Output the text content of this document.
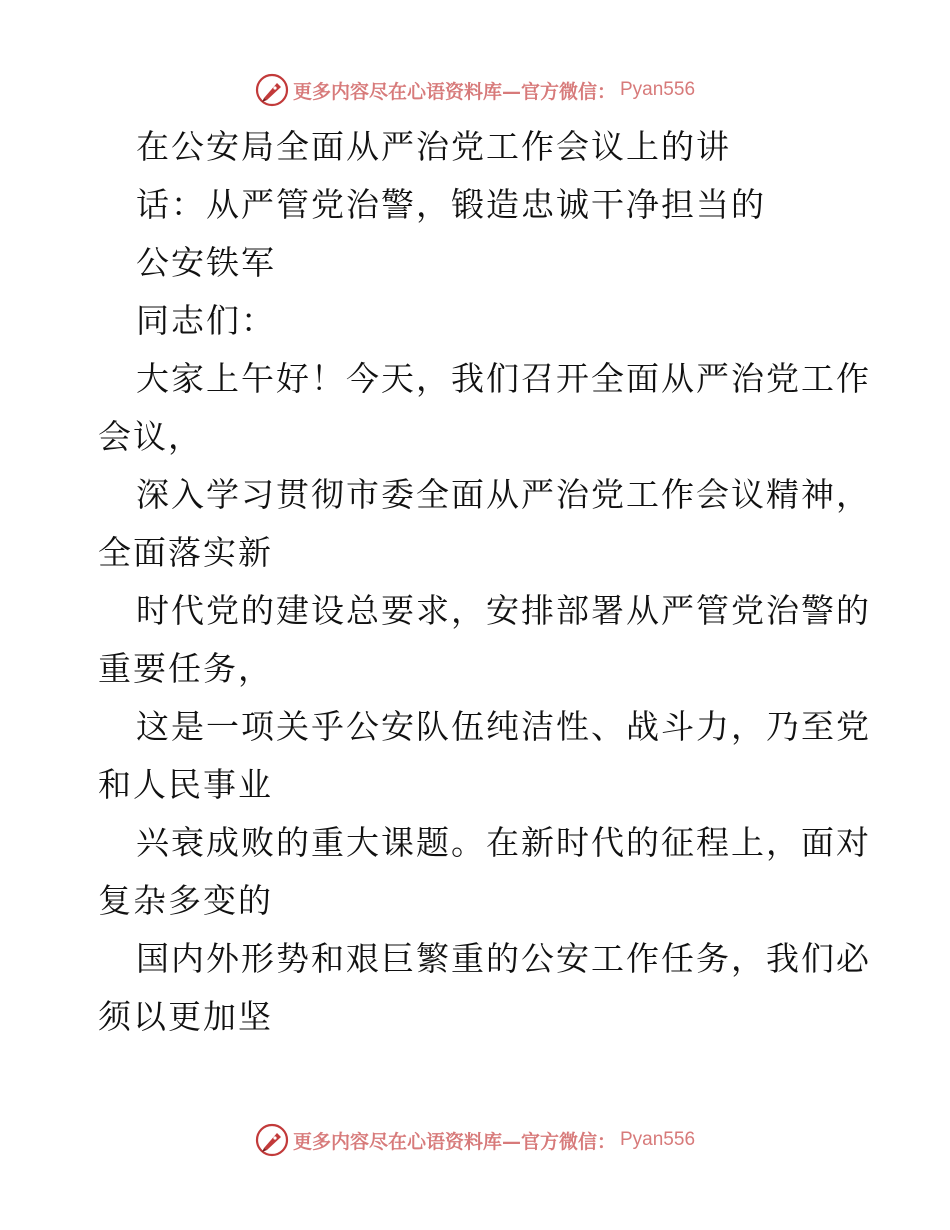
更多内容尽在心语资料库—官方微信： Pyan556
在公安局全面从严治党工作会议上的讲
话：从严管党治警，锻造忠诚干净担当的
公安铁军
同志们：
大家上午好！今天，我们召开全面从严治党工作
会议，
深入学习贯彻市委全面从严治党工作会议精神，
全面落实新
时代党的建设总要求，安排部署从严管党治警的
重要任务，
这是一项关乎公安队伍纯洁性、战斗力，乃至党
和人民事业
兴衰成败的重大课题。在新时代的征程上，面对
复杂多变的
国内外形势和艰巨繁重的公安工作任务，我们必
须以更加坚
更多内容尽在心语资料库—官方微信： Pyan556
